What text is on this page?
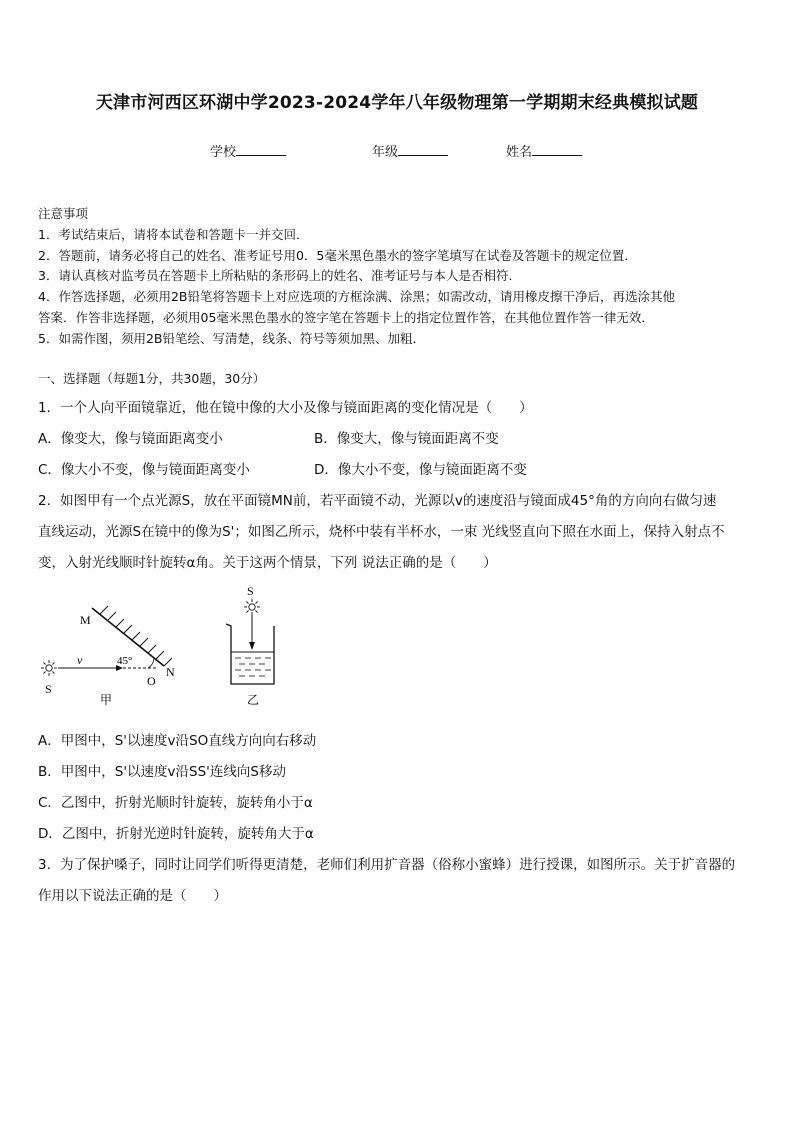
天津市河西区环湖中学2023-2024学年八年级物理第一学期期末经典模拟试题
学校	年级	姓名
注意事项
1．考试结束后，请将本试卷和答题卡一并交回．
2．答题前，请务必将自己的姓名、准考证号用0．5毫米黑色墨水的签字笔填写在试卷及答题卡的规定位置．
3．请认真核对监考员在答题卡上所粘贴的条形码上的姓名、准考证号与本人是否相符．
4．作答选择题，必须用2B铅笔将答题卡上对应选项的方框涂满、涂黑；如需改动，请用橡皮擦干净后，再选涂其他
答案．作答非选择题，必须用05毫米黑色墨水的签字笔在答题卡上的指定位置作答，在其他位置作答一律无效．
5．如需作图，须用2B铅笔绘、写清楚，线条、符号等须加黑、加粗．
一、选择题（每题1分，共30题，30分）
1．一个人向平面镜靠近，他在镜中像的大小及像与镜面距离的变化情况是（　　）
A．像变大，像与镜面距离变小	B．像变大，像与镜面距离不变
C．像大小不变，像与镜面距离变小	D．像大小不变，像与镜面距离不变
2．如图甲有一个点光源S，放在平面镜MN前，若平面镜不动，光源以v的速度沿与镜面成45°角的方向向右做匀速
直线运动，光源S在镜中的像为S'；如图乙所示，烧杯中装有半杯水，一束 光线竖直向下照在水面上，保持入射点不
变，入射光线顺时针旋转α角。关于这两个情景，下列 说法正确的是（　　）
M
N
O
S
v	45°
甲
S
乙
A．甲图中，S'以速度v沿SO直线方向向右移动
B．甲图中，S'以速度v沿SS'连线向S移动
C．乙图中，折射光顺时针旋转，旋转角小于α
D．乙图中，折射光逆时针旋转，旋转角大于α
3．为了保护嗓子，同时让同学们听得更清楚，老师们利用扩音器（俗称小蜜蜂）进行授课，如图所示。关于扩音器的
作用以下说法正确的是（　　）
